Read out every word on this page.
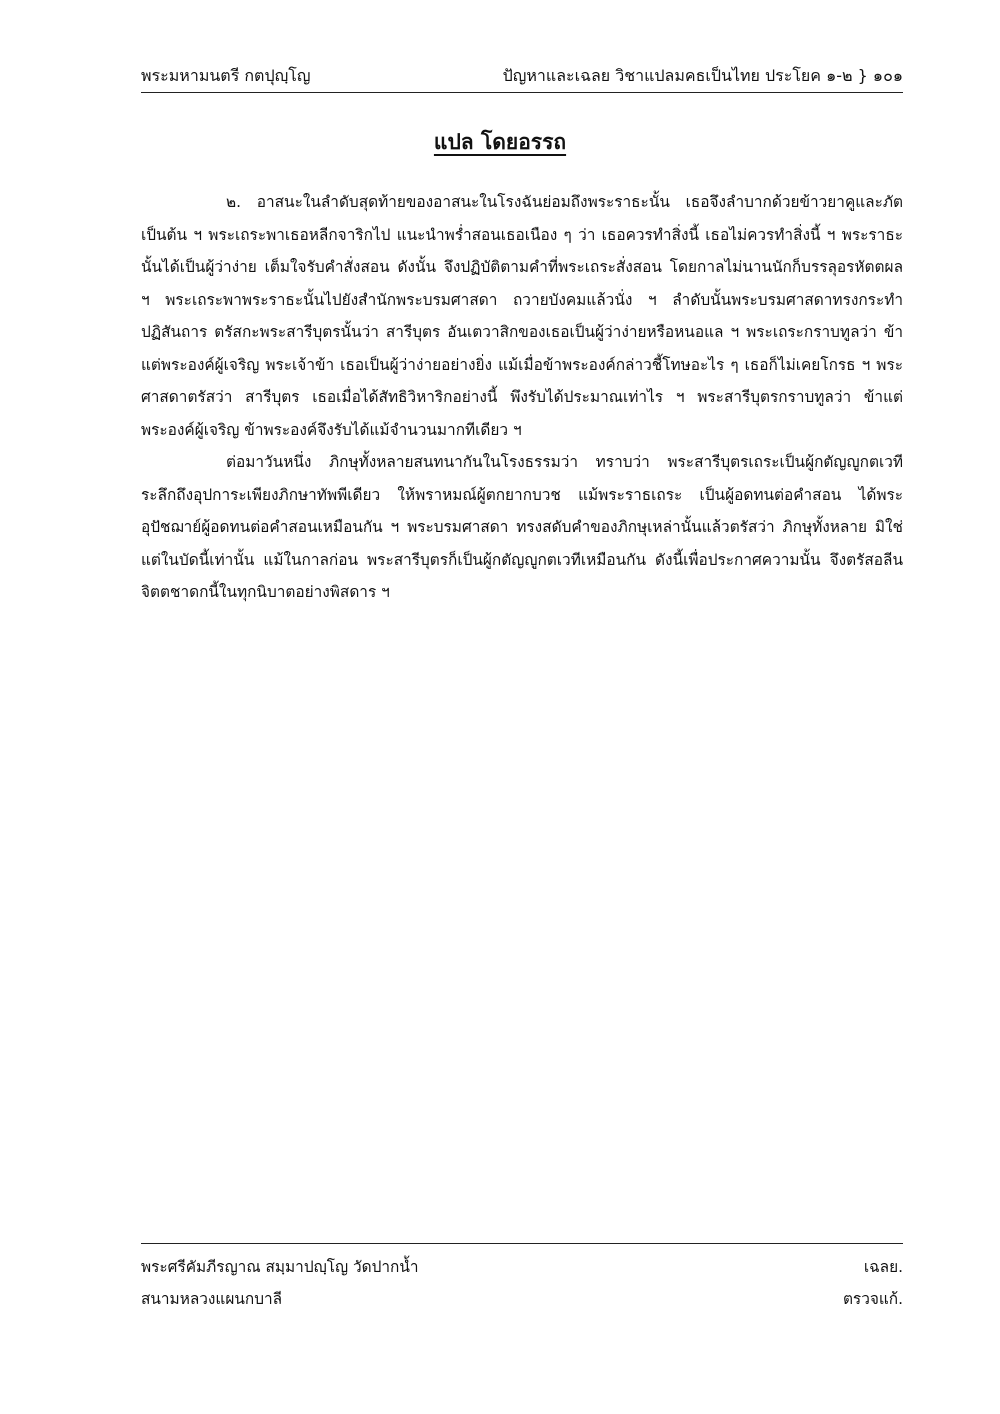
พระมหามนตรี กตปุญฺโญ	ปัญหาและเฉลย วิชาแปลมคธเป็นไทย ประโยค ๑-๒ } ๑๐๑
แปล โดยอรรถ

๒. อาสนะในลำดับสุดท้ายของอาสนะในโรงฉันย่อมถึงพระราธะนั้น เธอจึงลำบากด้วยข้าวยาคูและภัตเป็นต้น ฯ พระเถระพาเธอหลีกจาริกไป แนะนำพร่ำสอนเธอเนือง ๆ ว่า เธอควรทำสิ่งนี้ เธอไม่ควรทำสิ่งนี้ ฯ พระราธะนั้นได้เป็นผู้ว่าง่าย เต็มใจรับคำสั่งสอน ดังนั้น จึงปฏิบัติตามคำที่พระเถระสั่งสอน โดยกาลไม่นานนักก็บรรลุอรหัตตผล ฯ พระเถระพาพระราธะนั้นไปยังสำนักพระบรมศาสดา ถวายบังคมแล้วนั่ง ฯ ลำดับนั้นพระบรมศาสดาทรงกระทำปฏิสันถาร ตรัสกะพระสารีบุตรนั้นว่า สารีบุตร อันเตวาสิกของเธอเป็นผู้ว่าง่ายหรือหนอแล ฯ พระเถระกราบทูลว่า ข้าแต่พระองค์ผู้เจริญ พระเจ้าข้า เธอเป็นผู้ว่าง่ายอย่างยิ่ง แม้เมื่อข้าพระองค์กล่าวชี้โทษอะไร ๆ เธอก็ไม่เคยโกรธ ฯ พระศาสดาตรัสว่า สารีบุตร เธอเมื่อได้สัทธิวิหาริกอย่างนี้ พึงรับได้ประมาณเท่าไร ฯ พระสารีบุตรกราบทูลว่า ข้าแต่พระองค์ผู้เจริญ ข้าพระองค์จึงรับได้แม้จำนวนมากทีเดียว ฯ

ต่อมาวันหนึ่ง ภิกษุทั้งหลายสนทนากันในโรงธรรมว่า ทราบว่า พระสารีบุตรเถระเป็นผู้กตัญญูกตเวที ระลึกถึงอุปการะเพียงภิกษาทัพพีเดียว ให้พราหมณ์ผู้ตกยากบวช แม้พระราธเถระ เป็นผู้อดทนต่อคำสอน ได้พระอุปัชฌาย์ผู้อดทนต่อคำสอนเหมือนกัน ฯ พระบรมศาสดา ทรงสดับคำของภิกษุเหล่านั้นแล้วตรัสว่า ภิกษุทั้งหลาย มิใช่แต่ในบัดนี้เท่านั้น แม้ในกาลก่อน พระสารีบุตรก็เป็นผู้กตัญญูกตเวทีเหมือนกัน ดังนี้เพื่อประกาศความนั้น จึงตรัสอลีนจิตตชาดกนี้ในทุกนิบาตอย่างพิสดาร ฯ

พระศรีคัมภีรญาณ สมฺมาปญฺโญ วัดปากน้ำ	เฉลย.
สนามหลวงแผนกบาลี	ตรวจแก้.
